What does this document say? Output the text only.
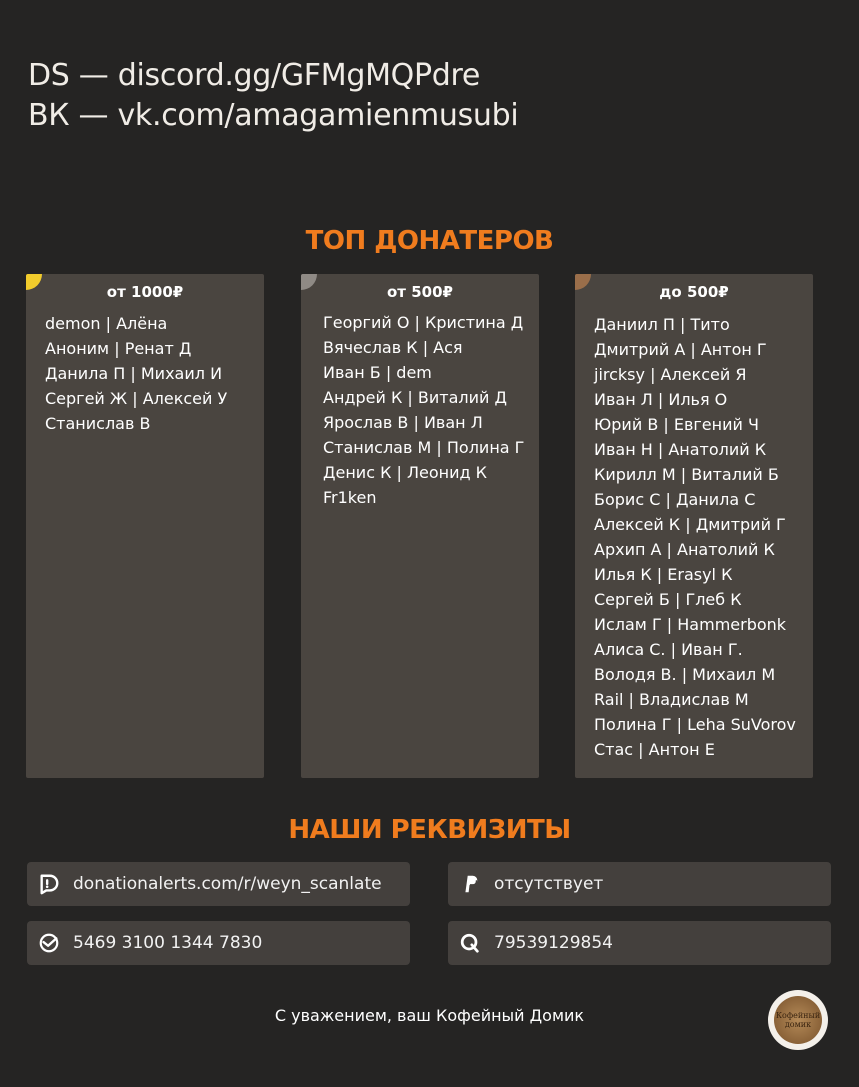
DS — discord.gg/GFMgMQPdre
ВК — vk.com/amagamienmusubi
ТОП ДОНАТЕРОВ
от 1000₽
demon | Алёна
Аноним | Ренат Д
Данила П | Михаил И
Сергей Ж | Алексей У
Станислав В
от 500₽
Георгий О | Кристина Д
Вячеслав К | Ася
Иван Б | dem
Андрей К | Виталий Д
Ярослав В | Иван Л
Станислав М | Полина Г
Денис К | Леонид К
Fr1ken
до 500₽
Даниил П | Тито
Дмитрий А | Антон Г
jircksy | Алексей Я
Иван Л | Илья О
Юрий В | Евгений Ч
Иван Н | Анатолий К
Кирилл М | Виталий Б
Борис С | Данила С
Алексей К | Дмитрий Г
Архип А | Анатолий К
Илья К | Erasyl К
Сергей Б | Глеб К
Ислам Г | Hammerbonk
Алиса С. | Иван Г.
Володя В. | Михаил М
Rail | Владислав М
Полина Г | Leha SuVorov
Стас | Антон Е
НАШИ РЕКВИЗИТЫ
donationalerts.com/r/weyn_scanlate	отсутствует
5469 3100 1344 7830	79539129854
С уважением, ваш Кофейный Домик	Кофейный домик
